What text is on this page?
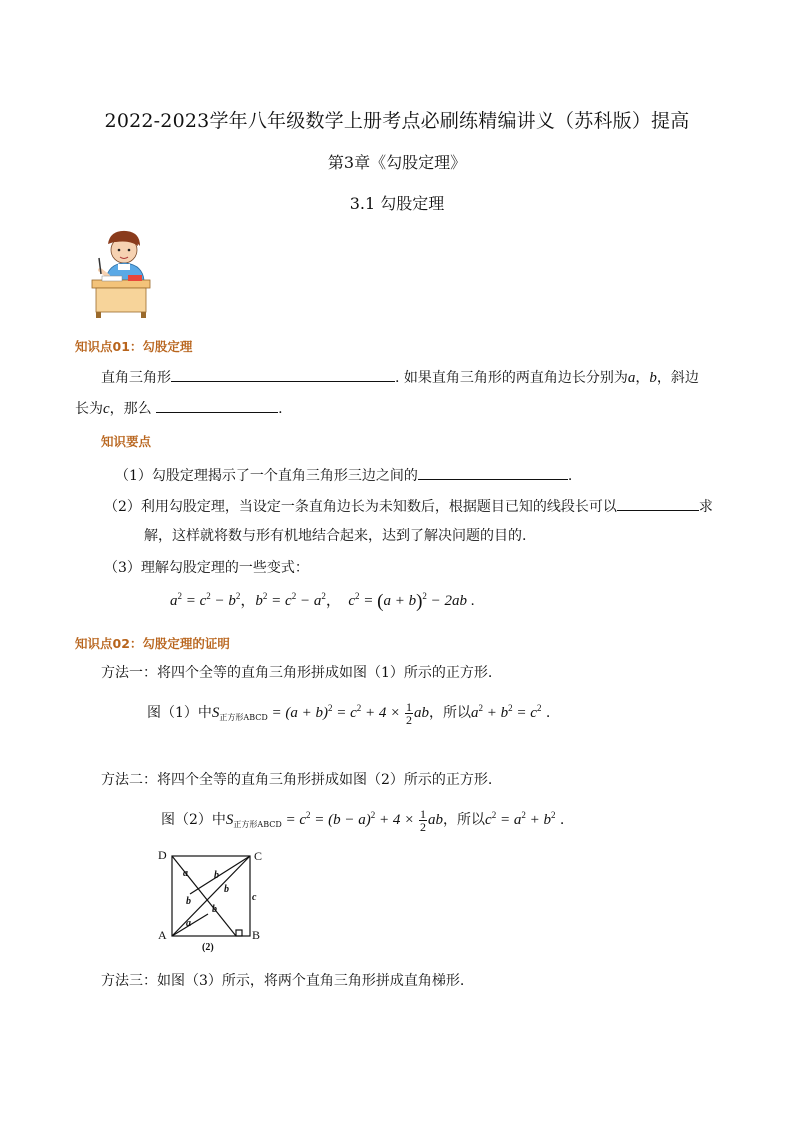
2022-2023学年八年级数学上册考点必刷练精编讲义（苏科版）提高
第3章《勾股定理》
3.1 勾股定理
知识点01：勾股定理
直角三角形	. 如果直角三角形的两直角边长分别为a，b，斜边
长为c，那么	.
知识要点
（1）勾股定理揭示了一个直角三角形三边之间的	.
（2）利用勾股定理，当设定一条直角边长为未知数后，根据题目已知的线段长可以	求
解，这样就将数与形有机地结合起来，达到了解决问题的目的.
（3）理解勾股定理的一些变式：
$a^2 = c^2 - b^2$，$b^2 = c^2 - a^2$，  $c^2 = (a + b)^2 - 2ab$ .
知识点02：勾股定理的证明
方法一：将四个全等的直角三角形拼成如图（1）所示的正方形.
图（1）中$S_{正方形ABCD} = (a + b)^2 = c^2 + 4 \times \frac{1}{2}$ ab，所以$a^2 + b^2 = c^2$ .
方法二：将四个全等的直角三角形拼成如图（2）所示的正方形.
图（2）中$S_{正方形ABCD} = c^2 = (b - a)^2 + 4 \times \frac{1}{2}$ ab，所以$c^2 = a^2 + b^2$ .
D	C
A	B
(2)
a	b
b
b	c
b
a
方法三：如图（3）所示，将两个直角三角形拼成直角梯形.
